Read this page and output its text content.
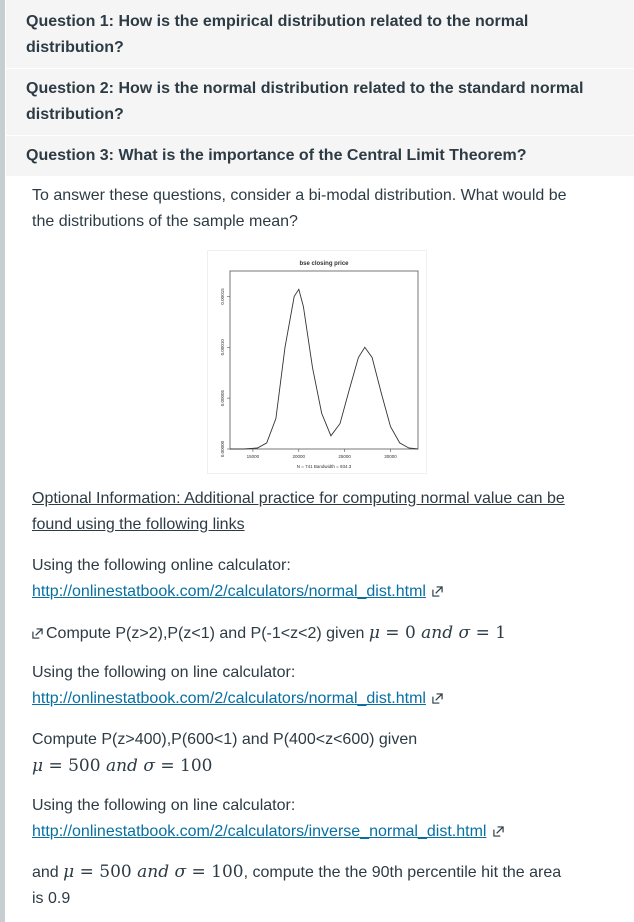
Question 1: How is the empirical distribution related to the normal
distribution?
Question 2: How is the normal distribution related to the standard normal
distribution?
Question 3: What is the importance of the Central Limit Theorem?
To answer these questions, consider a bi-modal distribution. What would be
the distributions of the sample mean?
bse closing price
N = 741 Bandwidth = 934.3
15000	20000	25000	30000
0.00000
0.00005
0.00010
0.00015
Optional Information: Additional practice for computing normal value can be
found using the following links
Using the following online calculator:
http://onlinestatbook.com/2/calculators/normal_dist.html
Compute P(z>2),P(z<1) and P(-1<z<2) given μ = 0 and σ = 1
Using the following on line calculator:
http://onlinestatbook.com/2/calculators/normal_dist.html
Compute P(z>400),P(600<1) and P(400<z<600) given
μ = 500 and σ = 100
Using the following on line calculator:
http://onlinestatbook.com/2/calculators/inverse_normal_dist.html
and μ = 500 and σ = 100, compute the the 90th percentile hit the area
is 0.9
